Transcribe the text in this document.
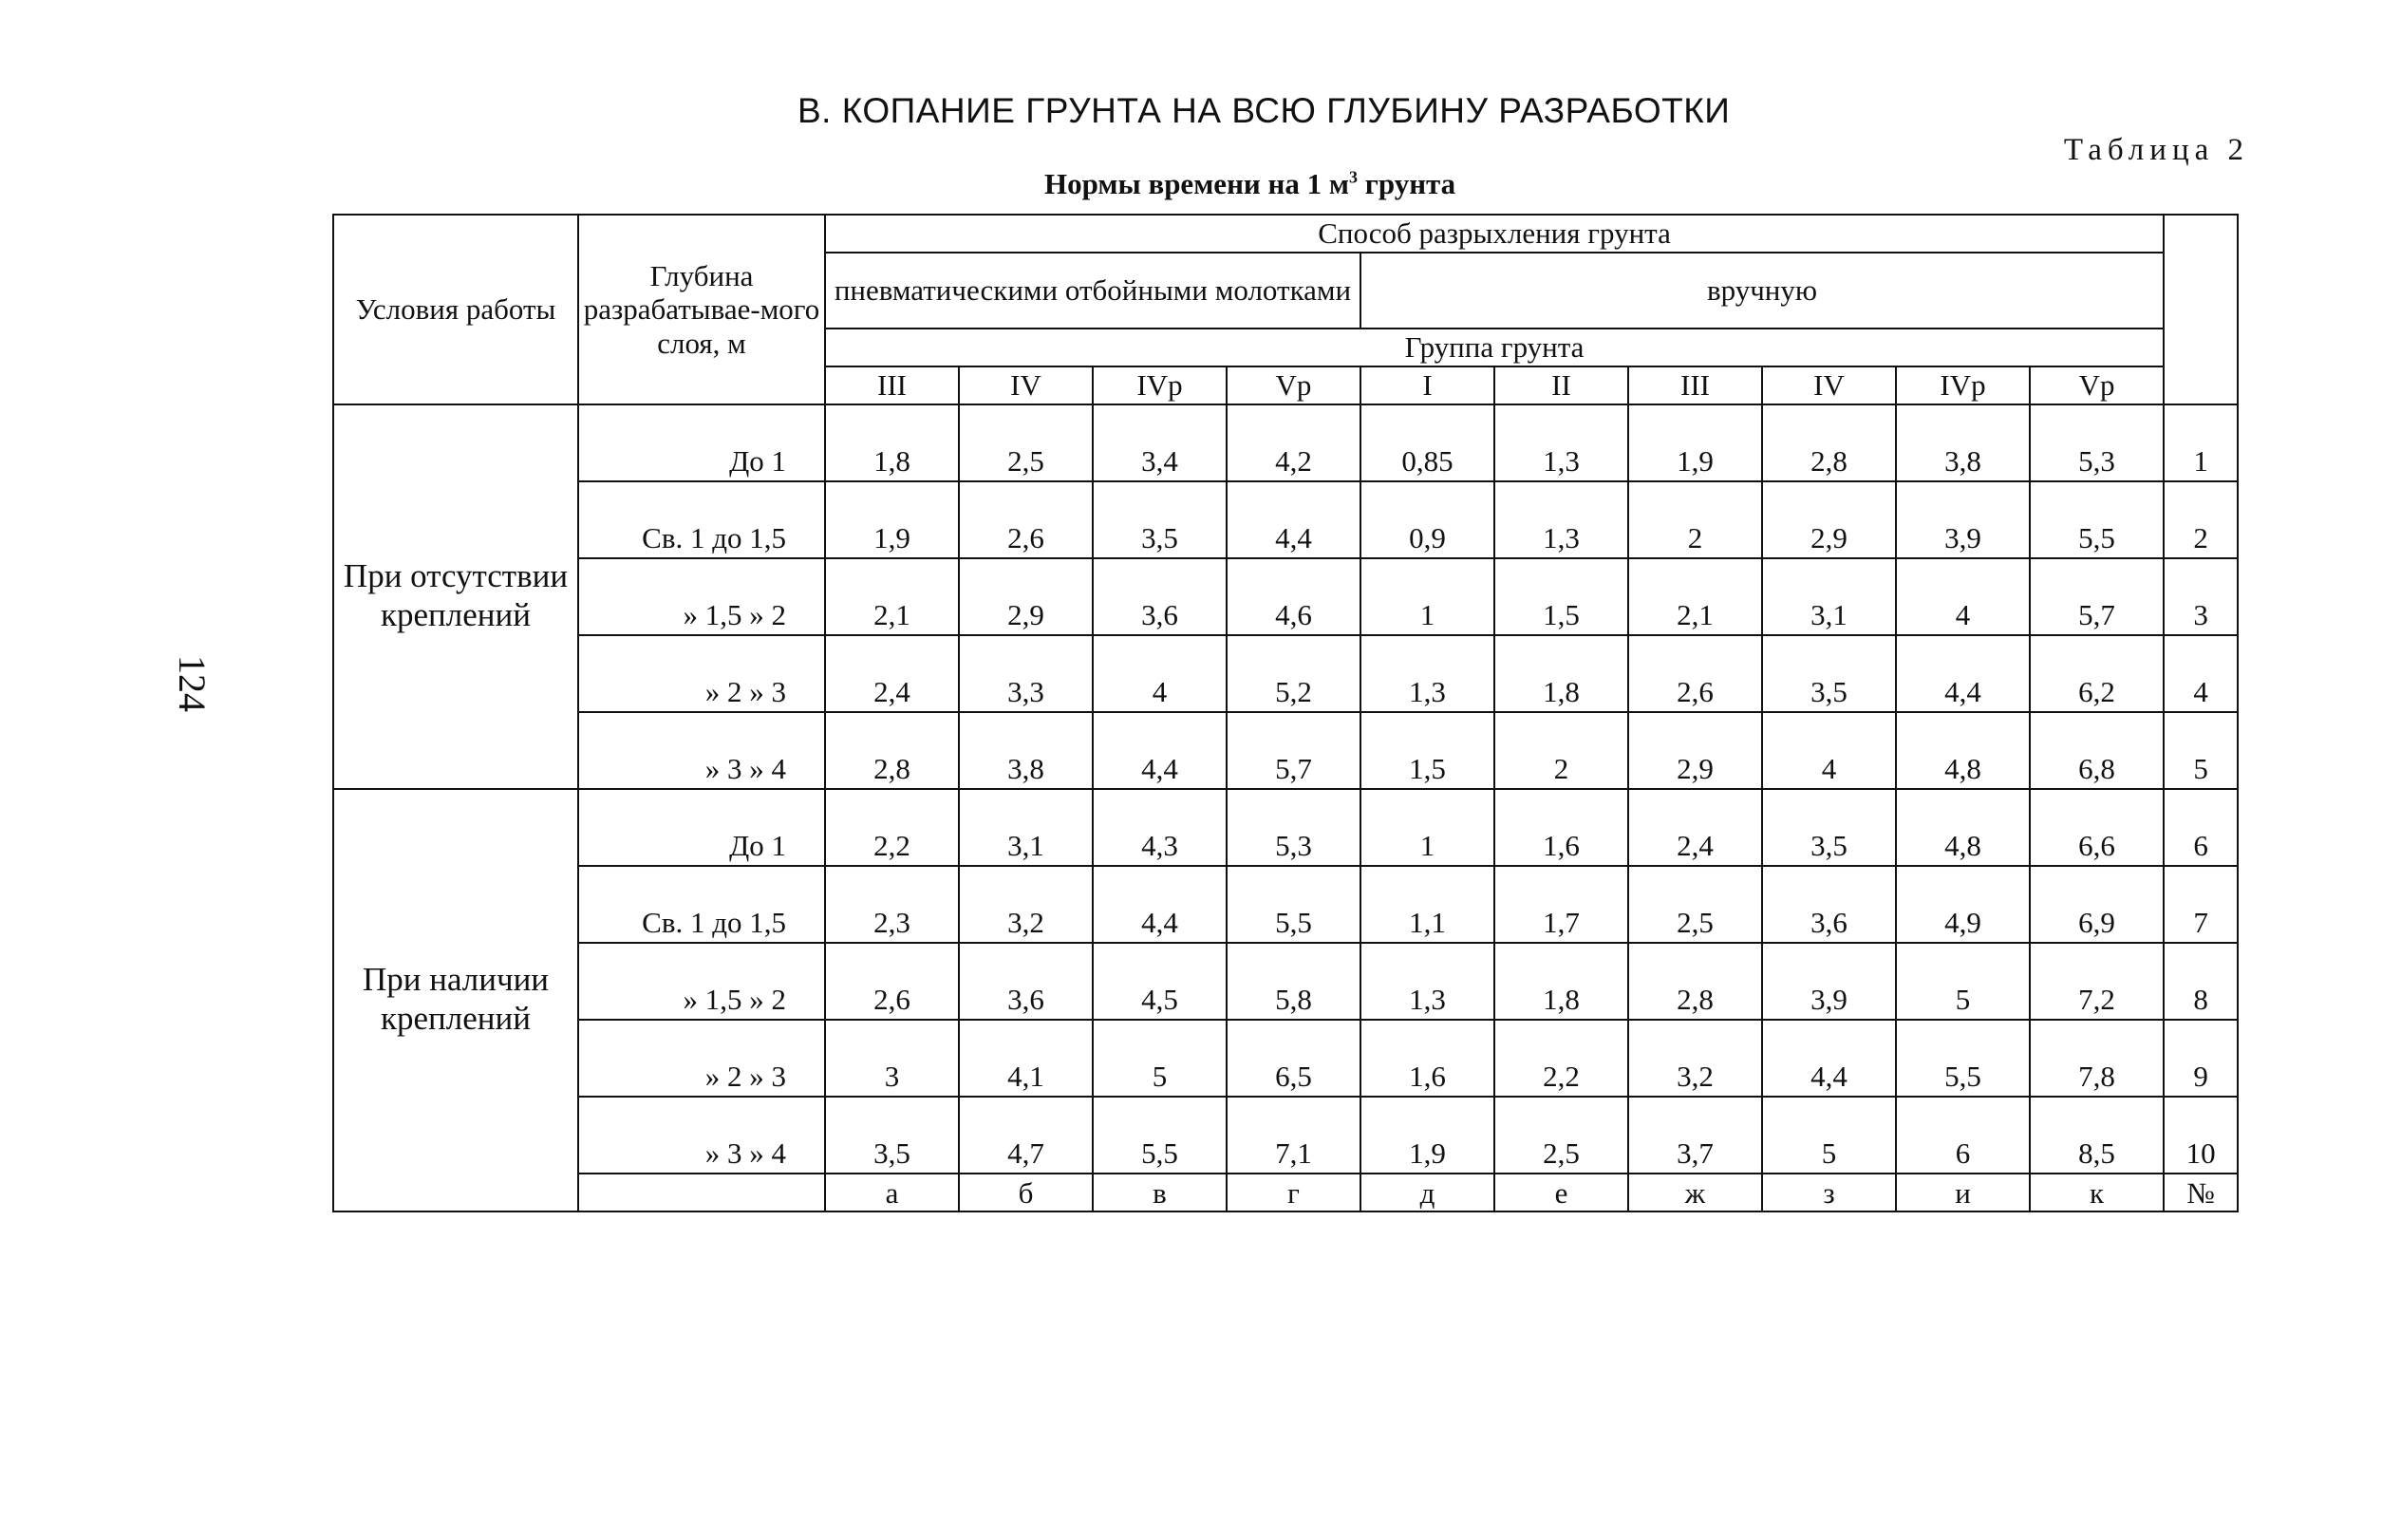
124
В. КОПАНИЕ ГРУНТА НА ВСЮ ГЛУБИНУ РАЗРАБОТКИ
Таблица 2
Нормы времени на 1 $м^3$ грунта
Условия работы	Глубина разрабатывае-мого слоя, м	Способ разрыхления грунта										
		пневматическими отбойными молотками				вручную						
		Группа грунта										
		III	IV	IVp	Vp	I	II	III	IV	IVp	Vp	
При отсутствии креплений	До 1	1,8	2,5	3,4	4,2	0,85	1,3	1,9	2,8	3,8	5,3	1
	Св. 1 до 1,5	1,9	2,6	3,5	4,4	0,9	1,3	2	2,9	3,9	5,5	2
	» 1,5 » 2	2,1	2,9	3,6	4,6	1	1,5	2,1	3,1	4	5,7	3
	» 2 » 3	2,4	3,3	4	5,2	1,3	1,8	2,6	3,5	4,4	6,2	4
	» 3 » 4	2,8	3,8	4,4	5,7	1,5	2	2,9	4	4,8	6,8	5
При наличии креплений	До 1	2,2	3,1	4,3	5,3	1	1,6	2,4	3,5	4,8	6,6	6
	Св. 1 до 1,5	2,3	3,2	4,4	5,5	1,1	1,7	2,5	3,6	4,9	6,9	7
	» 1,5 » 2	2,6	3,6	4,5	5,8	1,3	1,8	2,8	3,9	5	7,2	8
	» 2 » 3	3	4,1	5	6,5	1,6	2,2	3,2	4,4	5,5	7,8	9
	» 3 » 4	3,5	4,7	5,5	7,1	1,9	2,5	3,7	5	6	8,5	10
		а	б	в	г	д	е	ж	з	и	к	№
